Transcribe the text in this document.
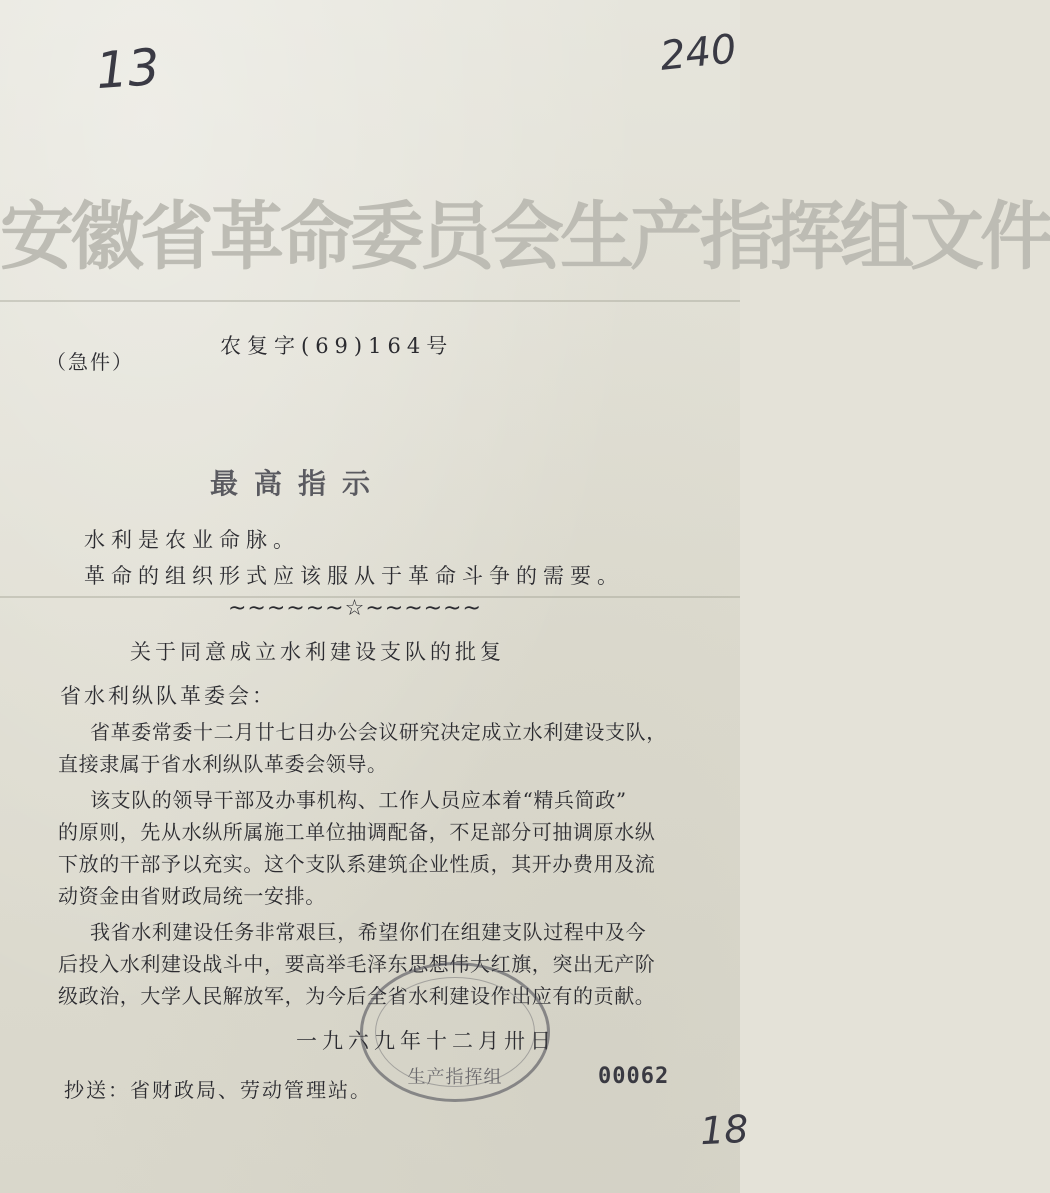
13	240
安徽省革命委员会生产指挥组文件
（急件）
农复字(69)164号
最高指示
水利是农业命脉。
革命的组织形式应该服从于革命斗争的需要。
~~~~~~☆~~~~~~
关于同意成立水利建设支队的批复
省水利纵队革委会：
省革委常委十二月廿七日办公会议研究决定成立水利建设支队，
直接隶属于省水利纵队革委会领导。
该支队的领导干部及办事机构、工作人员应本着“精兵简政”
的原则，先从水纵所属施工单位抽调配备，不足部分可抽调原水纵
下放的干部予以充实。这个支队系建筑企业性质，其开办费用及流
动资金由省财政局统一安排。
我省水利建设任务非常艰巨，希望你们在组建支队过程中及今
后投入水利建设战斗中，要高举毛泽东思想伟大红旗，突出无产阶
级政治，大学人民解放军，为今后全省水利建设作出应有的贡献。
生产指挥组
一九六九年十二月卅日
抄送：省财政局、劳动管理站。
00062
18
